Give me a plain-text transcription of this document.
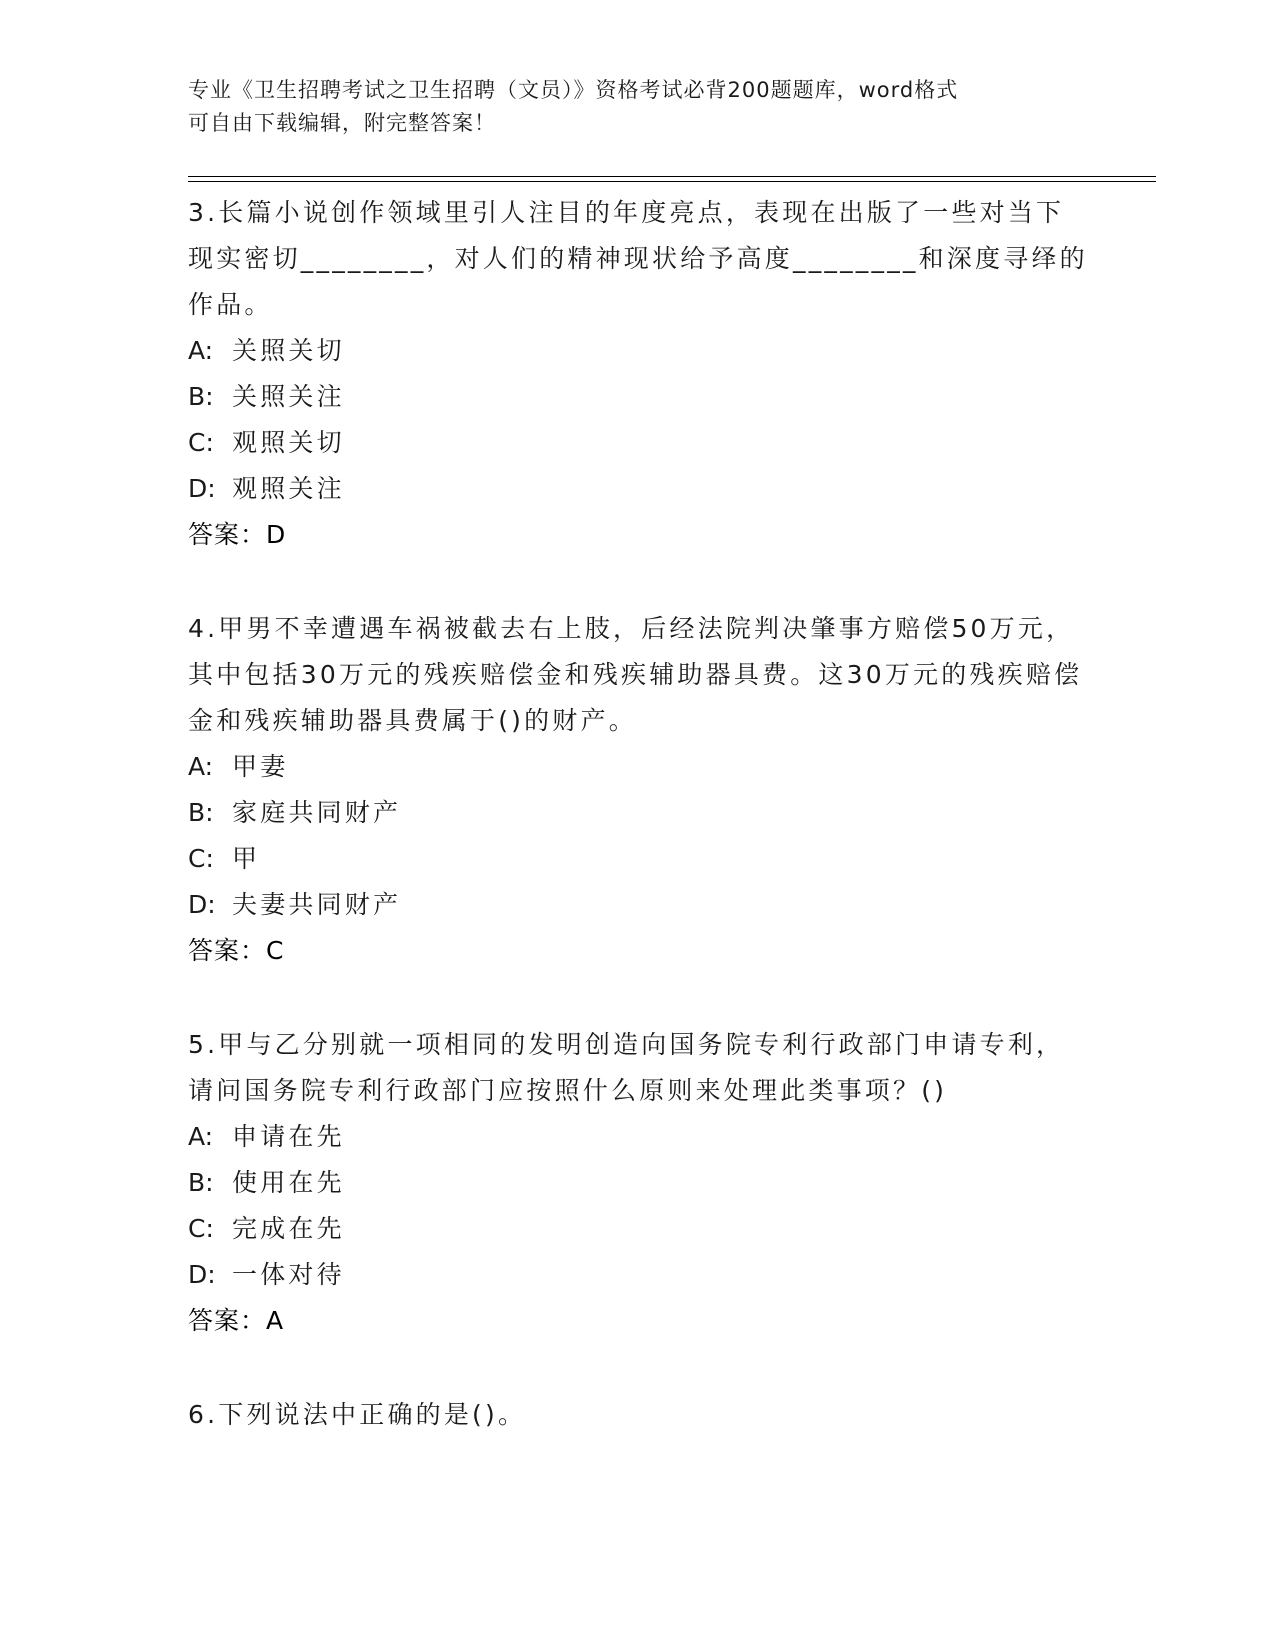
专业《卫生招聘考试之卫生招聘（文员）》资格考试必背200题题库，word格式
可自由下载编辑，附完整答案！

3.长篇小说创作领域里引人注目的年度亮点，表现在出版了一些对当下现实密切________，对人们的精神现状给予高度________和深度寻绎的作品。

A: 关照关切
B: 关照关注
C: 观照关切
D: 观照关注
答案：D

4.甲男不幸遭遇车祸被截去右上肢，后经法院判决肇事方赔偿50万元，其中包括30万元的残疾赔偿金和残疾辅助器具费。这30万元的残疾赔偿金和残疾辅助器具费属于()的财产。

A: 甲妻
B: 家庭共同财产
C: 甲
D: 夫妻共同财产
答案：C

5.甲与乙分别就一项相同的发明创造向国务院专利行政部门申请专利，请问国务院专利行政部门应按照什么原则来处理此类事项？()

A: 申请在先
B: 使用在先
C: 完成在先
D: 一体对待
答案：A

6.下列说法中正确的是()。
